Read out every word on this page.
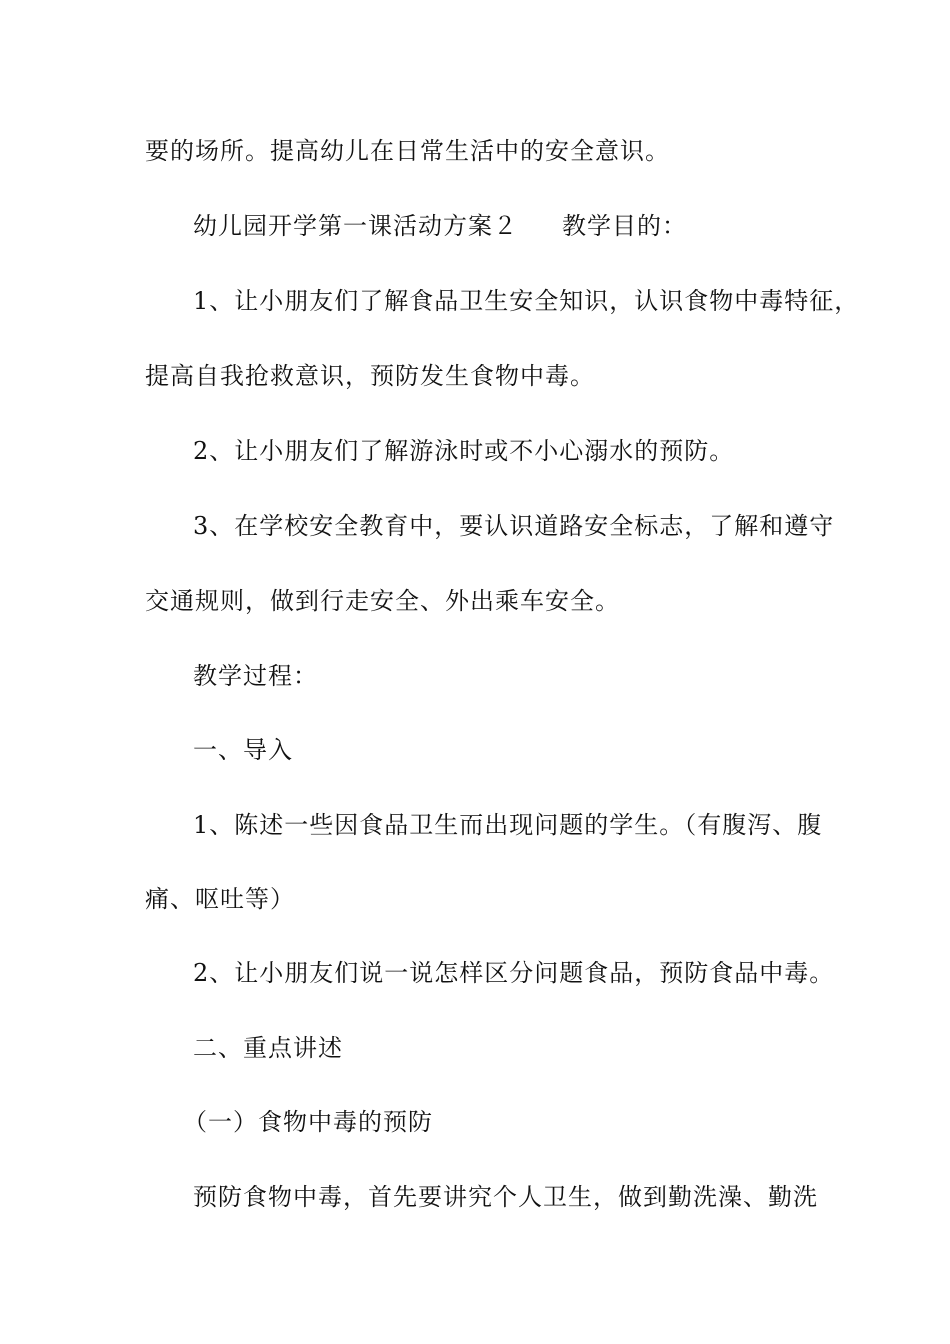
要的场所。提高幼儿在日常生活中的安全意识。
幼儿园开学第一课活动方案２ 教学目的：
1、让小朋友们了解食品卫生安全知识，认识食物中毒特征，
提高自我抢救意识，预防发生食物中毒。
2、让小朋友们了解游泳时或不小心溺水的预防。
3、在学校安全教育中，要认识道路安全标志，了解和遵守
交通规则，做到行走安全、外出乘车安全。
教学过程：
一、导入
1、陈述一些因食品卫生而出现问题的学生。（有腹泻、腹
痛、呕吐等）
2、让小朋友们说一说怎样区分问题食品，预防食品中毒。
二、重点讲述
（一）食物中毒的预防
预防食物中毒，首先要讲究个人卫生，做到勤洗澡、勤洗
